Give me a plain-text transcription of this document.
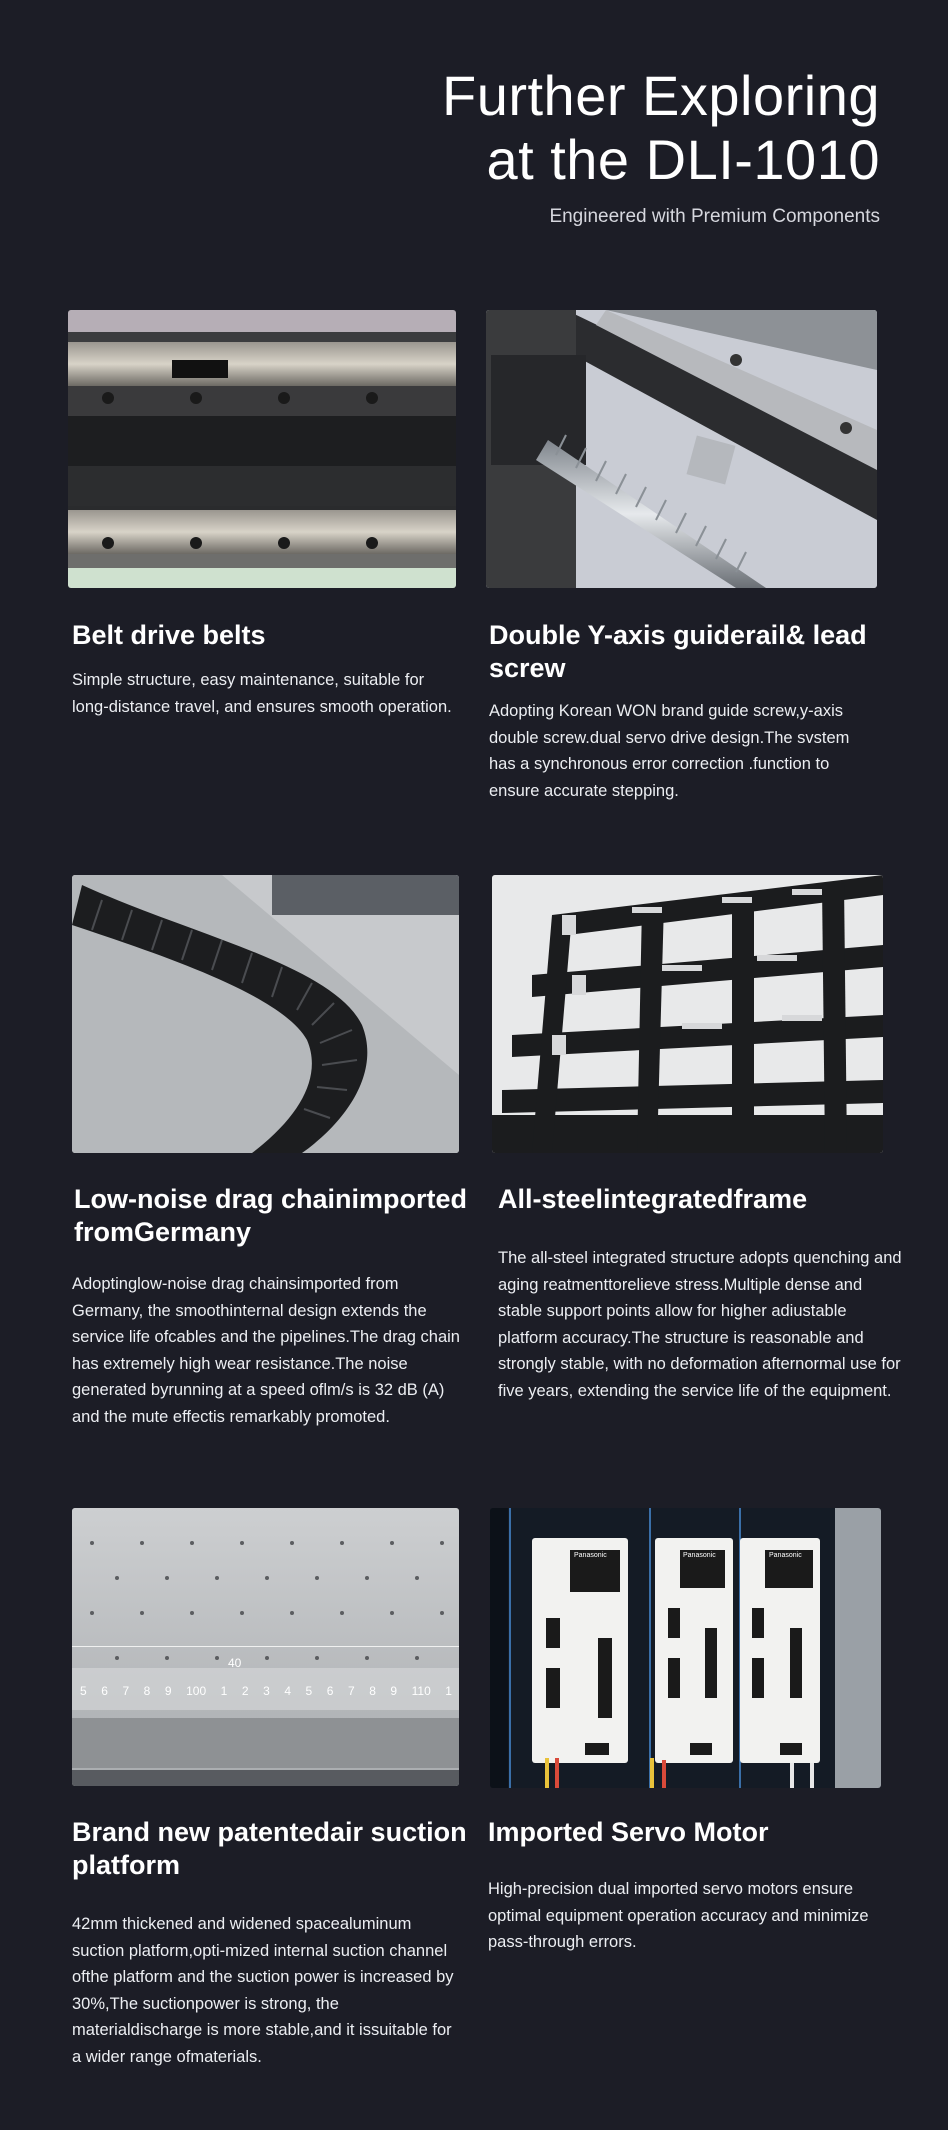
Further Exploring
at the DLI-1010
Engineered with Premium Components
Belt drive belts
Simple structure, easy maintenance, suitable for long-distance travel, and ensures smooth operation.
Double Y-axis guiderail& lead screw
Adopting Korean WON brand guide screw,y-axis double screw.dual servo drive design.The svstem has a synchronous error correction .function to ensure accurate stepping.
Low-noise drag chainimported fromGermany
Adoptinglow-noise drag chainsimported from Germany, the smoothinternal design extends the service life ofcables and the pipelines.The drag chain has extremely high wear resistance.The noise generated byrunning at a speed oflm/s is 32 dB (A) and the mute effectis remarkably promoted.
All-steelintegratedframe
The all-steel integrated structure adopts quenching and aging reatmenttorelieve stress.Multiple dense and stable support points allow for higher adiustable platform accuracy.The structure is reasonable and strongly stable, with no deformation afternormal use for five years, extending the service life of the equipment.
40
5 6 7 8 9 100 1 2 3 4 5 6 7 8 9 110 1
Brand new patentedair suction platform
42mm thickened and widened spacealuminum suction platform,opti-mized internal suction channel ofthe platform and the suction power is increased by 30%,The suctionpower is strong, the materialdischarge is more stable,and it issuitable for a wider range ofmaterials.
Panasonic	Panasonic	Panasonic
Imported Servo Motor
High-precision dual imported servo motors ensure optimal equipment operation accuracy and minimize pass-through errors.
